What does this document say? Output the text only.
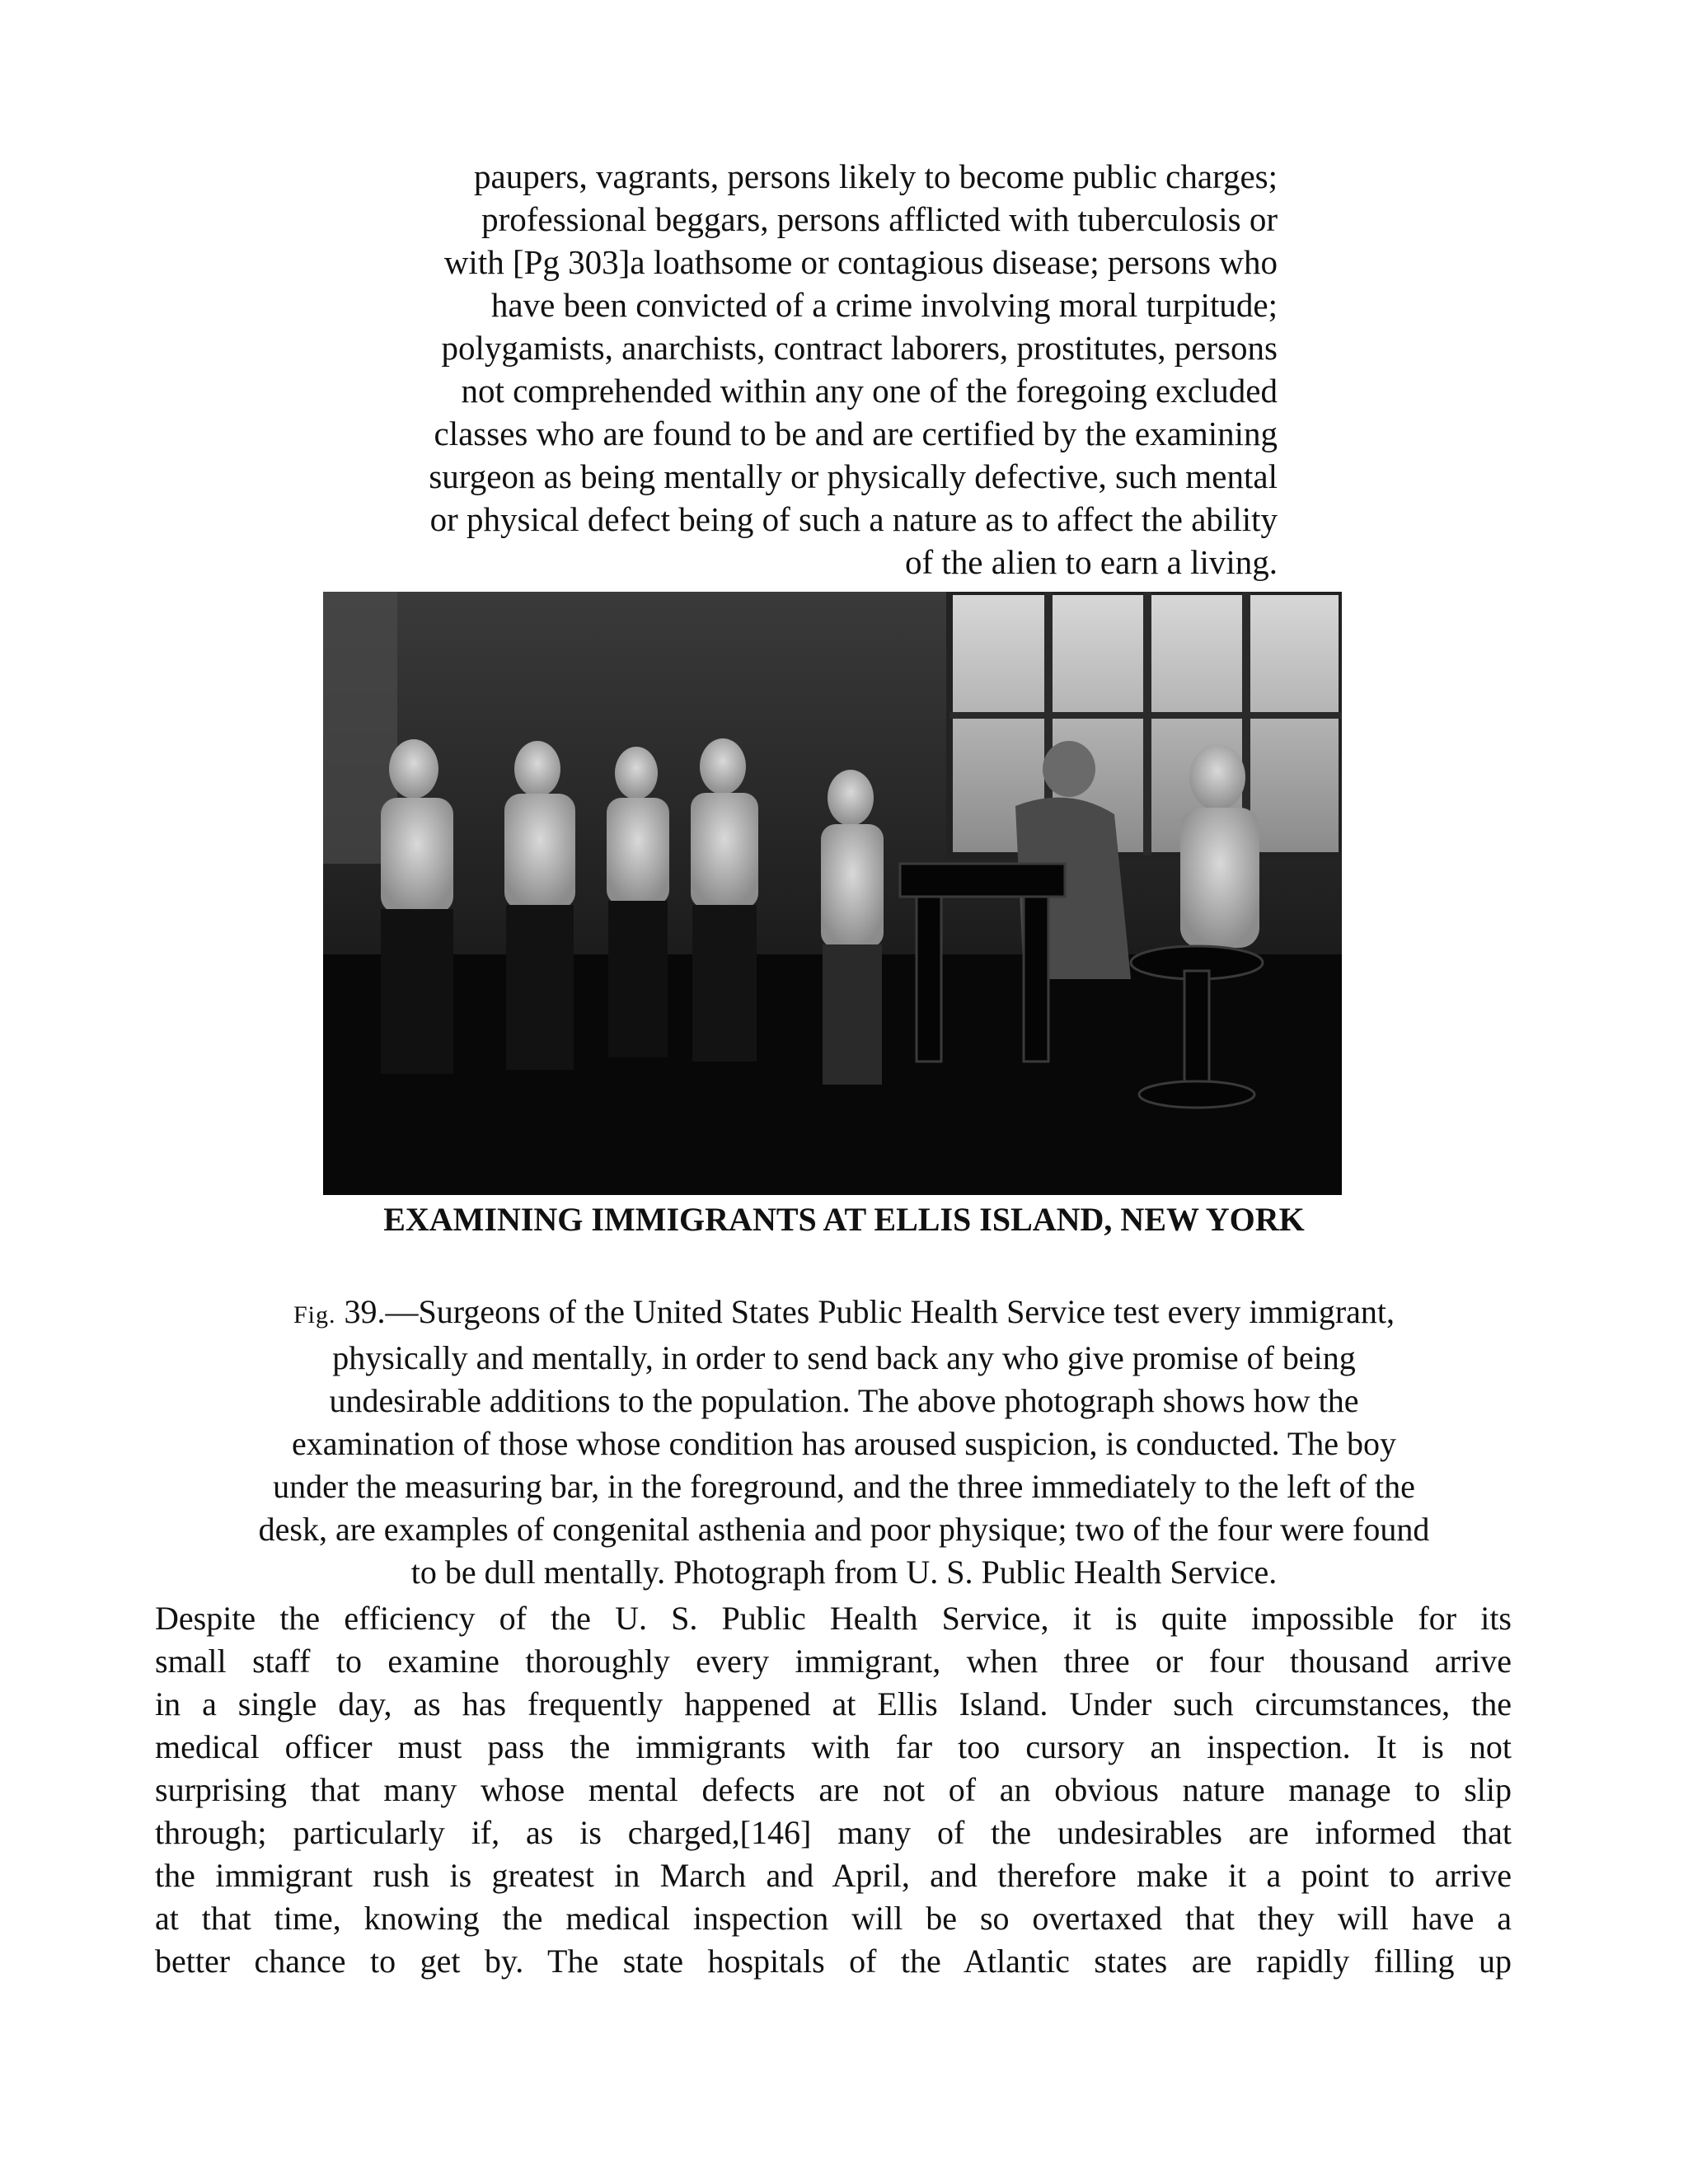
paupers, vagrants, persons likely to become public charges;
professional beggars, persons afflicted with tuberculosis or
with [Pg 303]a loathsome or contagious disease; persons who
have been convicted of a crime involving moral turpitude;
polygamists, anarchists, contract laborers, prostitutes, persons
not comprehended within any one of the foregoing excluded
classes who are found to be and are certified by the examining
surgeon as being mentally or physically defective, such mental
or physical defect being of such a nature as to affect the ability
of the alien to earn a living.
EXAMINING IMMIGRANTS AT ELLIS ISLAND, NEW YORK
Fig. 39.—Surgeons of the United States Public Health Service test every immigrant,
physically and mentally, in order to send back any who give promise of being
undesirable additions to the population. The above photograph shows how the
examination of those whose condition has aroused suspicion, is conducted. The boy
under the measuring bar, in the foreground, and the three immediately to the left of the
desk, are examples of congenital asthenia and poor physique; two of the four were found
to be dull mentally. Photograph from U. S. Public Health Service.
Despite the efficiency of the U. S. Public Health Service, it is quite impossible for its
small staff to examine thoroughly every immigrant, when three or four thousand arrive
in a single day, as has frequently happened at Ellis Island. Under such circumstances, the
medical officer must pass the immigrants with far too cursory an inspection. It is not
surprising that many whose mental defects are not of an obvious nature manage to slip
through; particularly if, as is charged,[146] many of the undesirables are informed that
the immigrant rush is greatest in March and April, and therefore make it a point to arrive
at that time, knowing the medical inspection will be so overtaxed that they will have a
better chance to get by. The state hospitals of the Atlantic states are rapidly filling up
